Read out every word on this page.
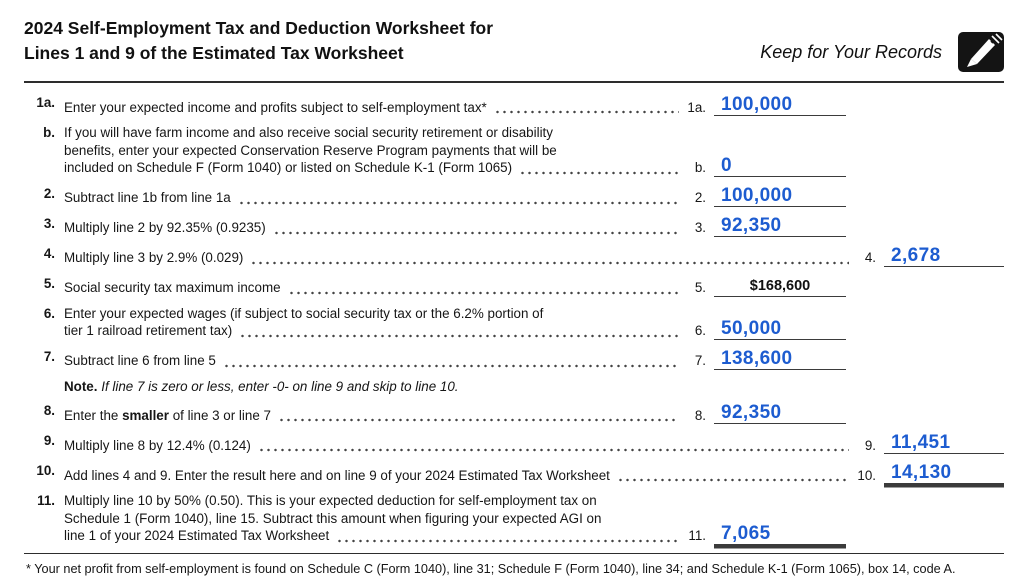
2024 Self-Employment Tax and Deduction Worksheet for
Lines 1 and 9 of the Estimated Tax Worksheet	Keep for Your Records
1a. Enter your expected income and profits subject to self-employment tax*	1a. 100,000
b. If you will have farm income and also receive social security retirement or disability
benefits, enter your expected Conservation Reserve Program payments that will be
included on Schedule F (Form 1040) or listed on Schedule K-1 (Form 1065)	b. 0
2. Subtract line 1b from line 1a	2. 100,000
3. Multiply line 2 by 92.35% (0.9235)	3. 92,350
4. Multiply line 3 by 2.9% (0.029)	4. 2,678
5. Social security tax maximum income	5.	$168,600
6. Enter your expected wages (if subject to social security tax or the 6.2% portion of
tier 1 railroad retirement tax)	6. 50,000
7. Subtract line 6 from line 5	7. 138,600
Note. If line 7 is zero or less, enter -0- on line 9 and skip to line 10.
8. Enter the smaller of line 3 or line 7	8. 92,350
9. Multiply line 8 by 12.4% (0.124)	9. 11,451
10. Add lines 4 and 9. Enter the result here and on line 9 of your 2024 Estimated Tax Worksheet	10. 14,130
11. Multiply line 10 by 50% (0.50). This is your expected deduction for self-employment tax on
Schedule 1 (Form 1040), line 15. Subtract this amount when figuring your expected AGI on
line 1 of your 2024 Estimated Tax Worksheet	11. 7,065
* Your net profit from self-employment is found on Schedule C (Form 1040), line 31; Schedule F (Form 1040), line 34; and Schedule K-1 (Form 1065), box 14, code A.
